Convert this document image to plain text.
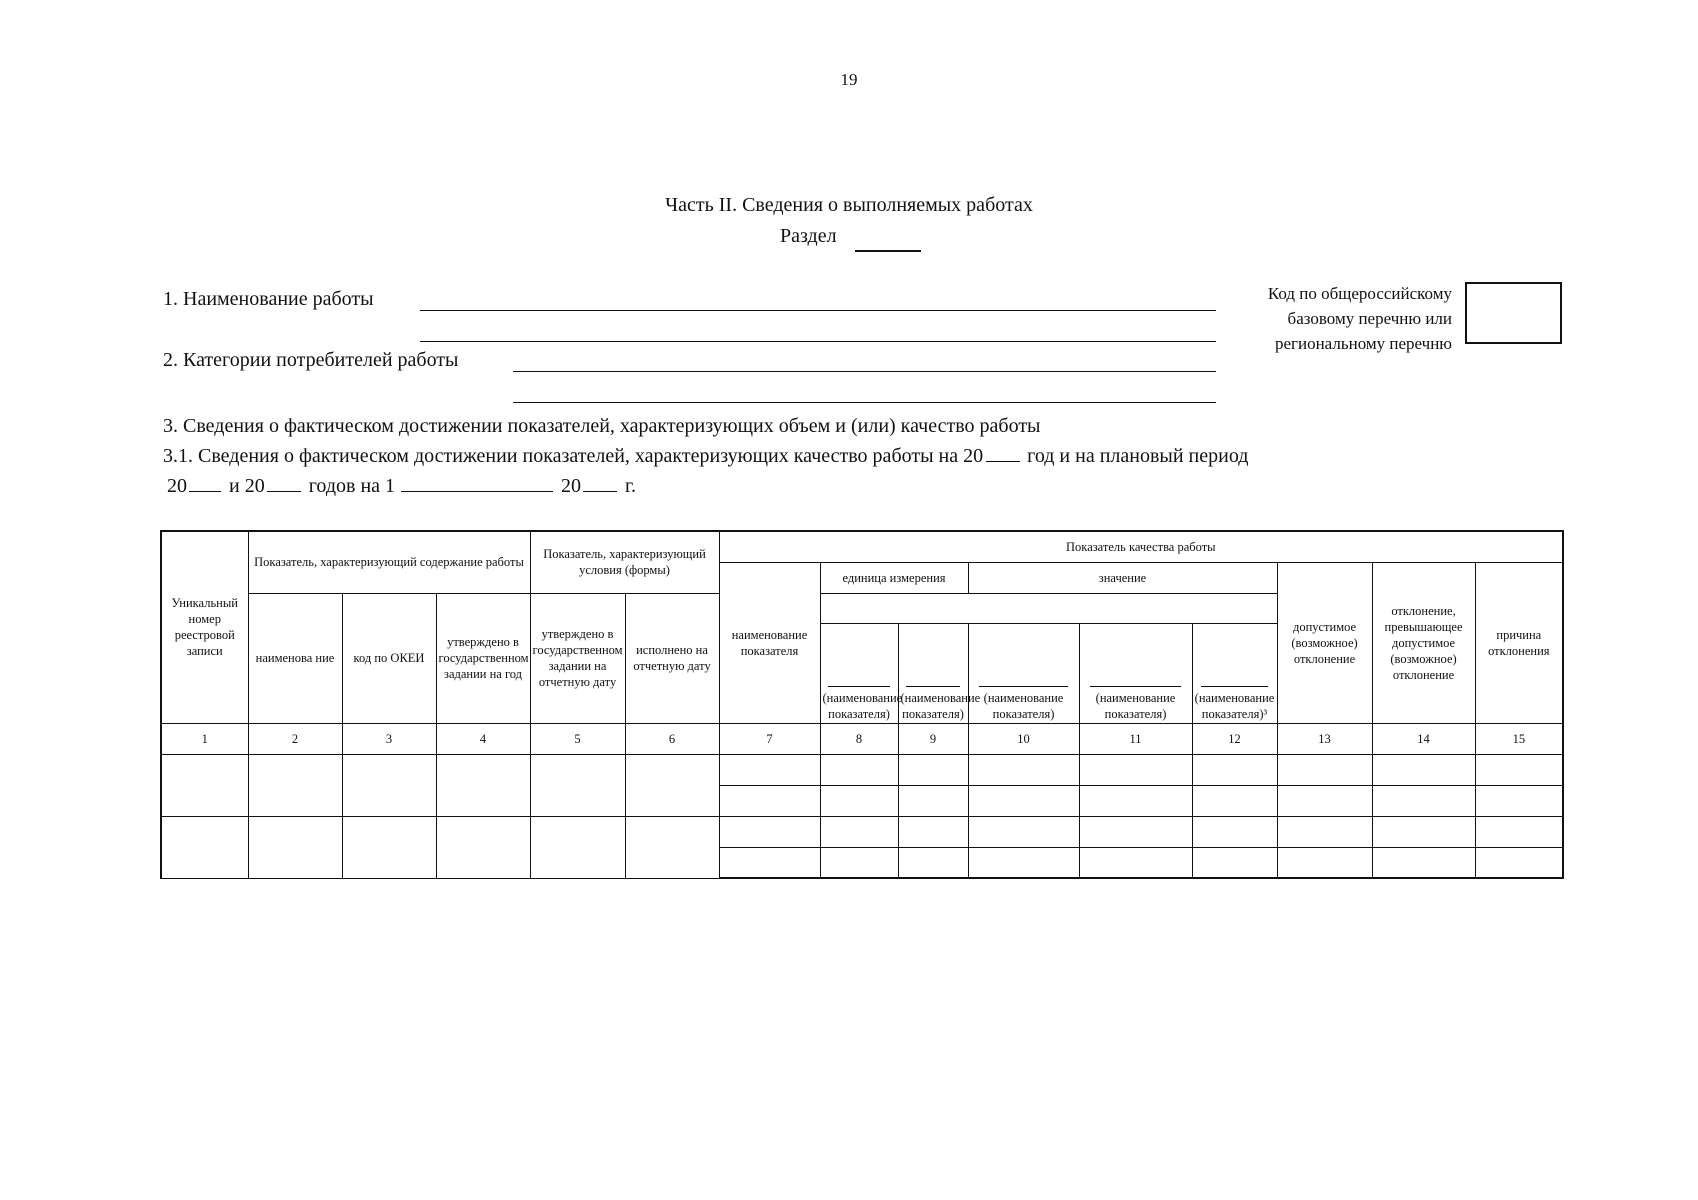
19
Часть II. Сведения о выполняемых работах
Раздел
1. Наименование работы
2. Категории потребителей работы
Код по общероссийскому базовому перечню или региональному перечню
3. Сведения о фактическом достижении показателей, характеризующих объем и (или) качество работы
3.1. Сведения о фактическом достижении показателей, характеризующих качество работы на 20 год и на плановый период
20 и 20 годов на 1	20 г.
Уникальный номер реестровой записи	Показатель, характеризующий содержание работы			Показатель, характеризующий условия (формы)		Показатель качества работы								
						наименование показателя	единица измерения		значение			допустимое (возможное) отклонение	отклонение, превышающее допустимое (возможное) отклонение	причина отклонения
	наименова ние	код по ОКЕИ	утверждено в государственном задании на год	утверждено в государственном задании на отчетную дату	исполнено на отчетную дату									

							(наименование показателя)	(наименование показателя)	(наименование показателя)	(наименование показателя)	(наименование показателя)³			

1	2	3	4	5	6	7	8	9	10	11	12	13	14	15
